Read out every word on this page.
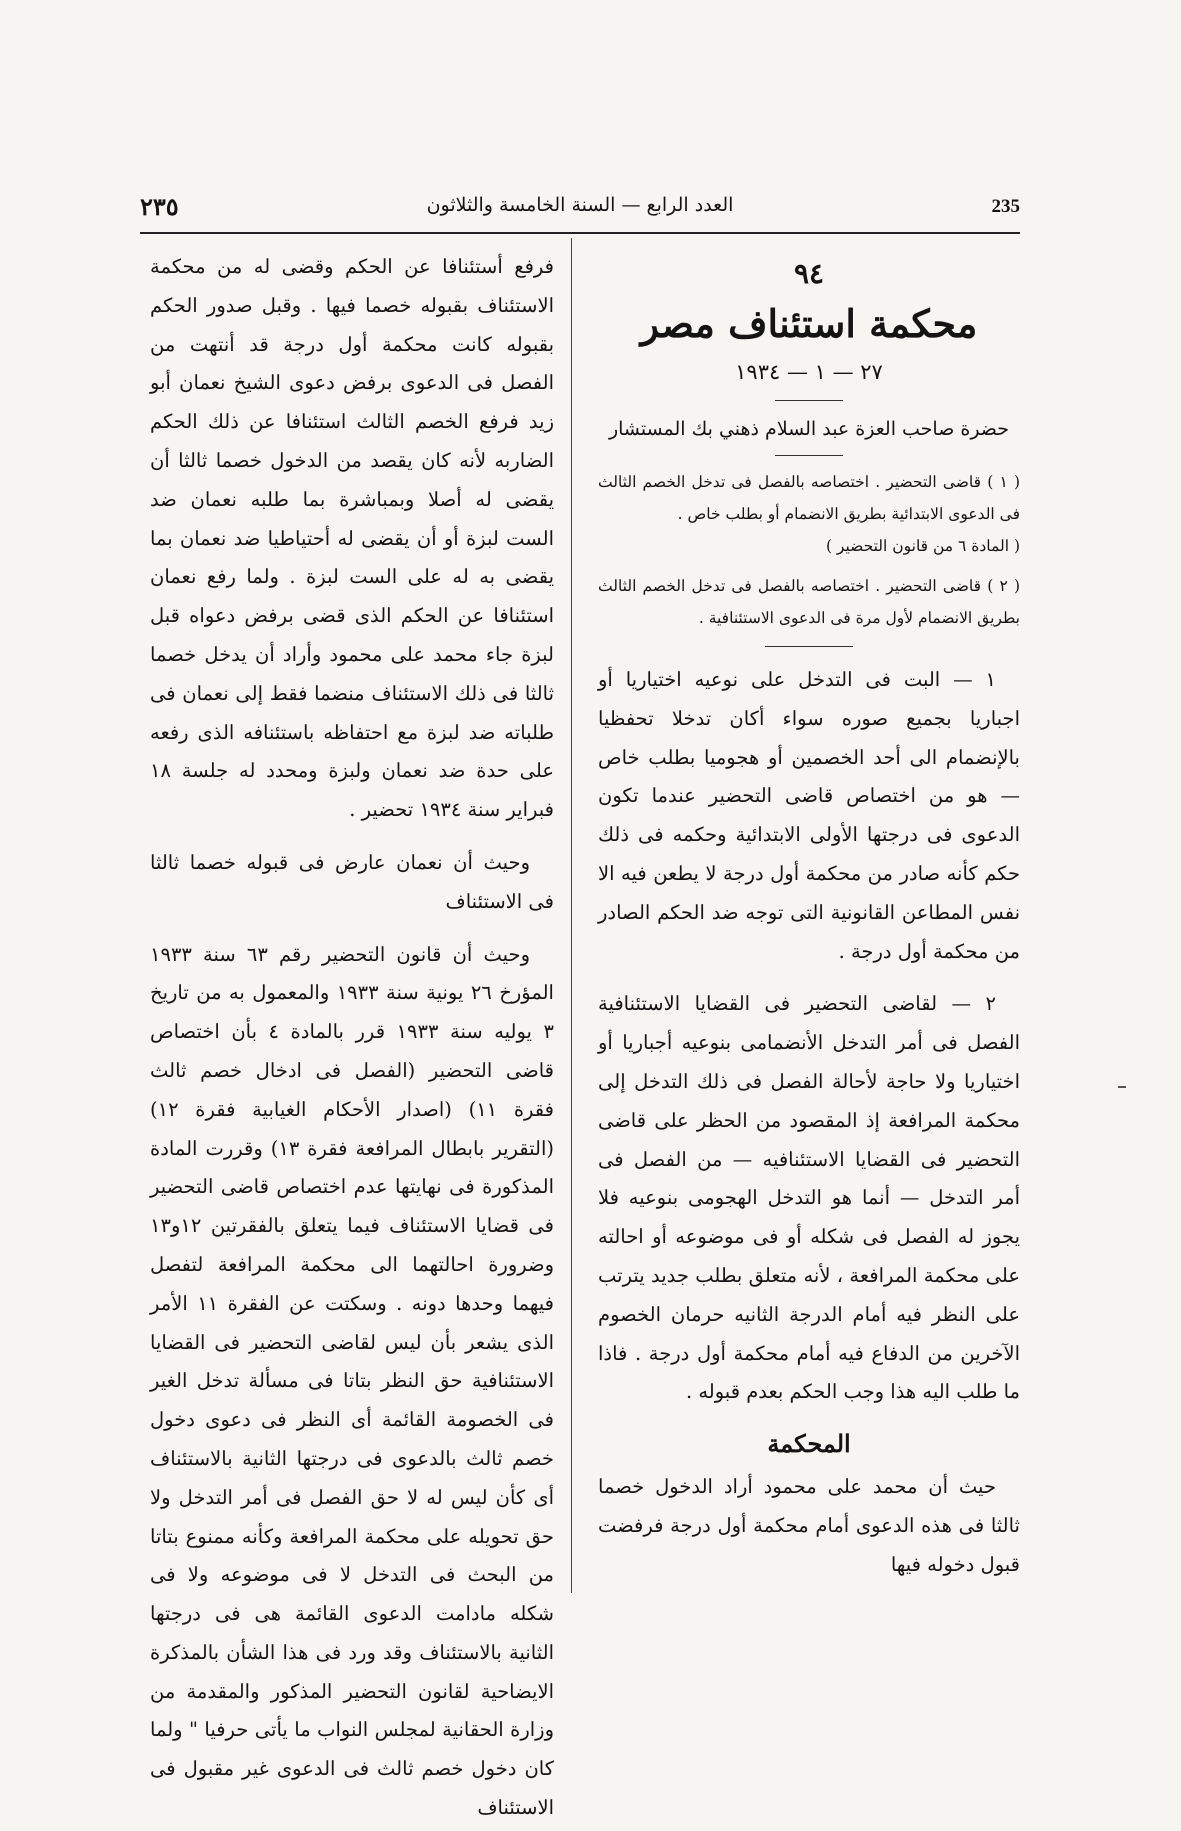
235
العدد الرابع — السنة الخامسة والثلاثون
٢٣٥
٩٤
محكمة استئناف مصر
٢٧ — ١ — ١٩٣٤
حضرة صاحب العزة عبد السلام ذهني بك المستشار

( ١ ) قاضى التحضير . اختصاصه بالفصل فى تدخل الخصم الثالث فى الدعوى الابتدائية بطريق الانضمام أو بطلب خاص .

( المادة ٦ من قانون التحضير )

( ٢ ) قاضى التحضير . اختصاصه بالفصل فى تدخل الخصم الثالث بطريق الانضمام لأول مرة فى الدعوى الاستئنافية .

١ — البت فى التدخل على نوعيه اختياريا أو اجباريا بجميع صوره سواء أكان تدخلا تحفظيا بالإنضمام الى أحد الخصمين أو هجوميا بطلب خاص — هو من اختصاص قاضى التحضير عندما تكون الدعوى فى درجتها الأولى الابتدائية وحكمه فى ذلك حكم كأنه صادر من محكمة أول درجة لا يطعن فيه الا نفس المطاعن القانونية التى توجه ضد الحكم الصادر من محكمة أول درجة .

٢ — لقاضى التحضير فى القضايا الاستئنافية الفصل فى أمر التدخل الأنضمامى بنوعيه أجباريا أو اختياريا ولا حاجة لأحالة الفصل فى ذلك التدخل إلى محكمة المرافعة إذ المقصود من الحظر على قاضى التحضير فى القضايا الاستئنافيه — من الفصل فى أمر التدخل — أنما هو التدخل الهجومى بنوعيه فلا يجوز له الفصل فى شكله أو فى موضوعه أو احالته على محكمة المرافعة ، لأنه متعلق بطلب جديد يترتب على النظر فيه أمام الدرجة الثانيه حرمان الخصوم الآخرين من الدفاع فيه أمام محكمة أول درجة . فاذا ما طلب اليه هذا وجب الحكم بعدم قبوله .

المحكمة

حيث أن محمد على محمود أراد الدخول خصما ثالثا فى هذه الدعوى أمام محكمة أول درجة فرفضت قبول دخوله فيها

فرفع أستئنافا عن الحكم وقضى له من محكمة الاستئناف بقبوله خصما فيها . وقبل صدور الحكم بقبوله كانت محكمة أول درجة قد أنتهت من الفصل فى الدعوى برفض دعوى الشيخ نعمان أبو زيد فرفع الخصم الثالث استئنافا عن ذلك الحكم الضاربه لأنه كان يقصد من الدخول خصما ثالثا أن يقضى له أصلا وبمباشرة بما طلبه نعمان ضد الست لبزة أو أن يقضى له أحتياطيا ضد نعمان بما يقضى به له على الست لبزة . ولما رفع نعمان استئنافا عن الحكم الذى قضى برفض دعواه قبل لبزة جاء محمد على محمود وأراد أن يدخل خصما ثالثا فى ذلك الاستئناف منضما فقط إلى نعمان فى طلباته ضد لبزة مع احتفاظه باستئنافه الذى رفعه على حدة ضد نعمان ولبزة ومحدد له جلسة ١٨ فبراير سنة ١٩٣٤ تحضير .

وحيث أن نعمان عارض فى قبوله خصما ثالثا فى الاستئناف

وحيث أن قانون التحضير رقم ٦٣ سنة ١٩٣٣ المؤرخ ٢٦ يونية سنة ١٩٣٣ والمعمول به من تاريخ ٣ يوليه سنة ١٩٣٣ قرر بالمادة ٤ بأن اختصاص قاضى التحضير (الفصل فى ادخال خصم ثالث فقرة ١١) (اصدار الأحكام الغيابية فقرة ١٢) (التقرير بابطال المرافعة فقرة ١٣) وقررت المادة المذكورة فى نهايتها عدم اختصاص قاضى التحضير فى قضايا الاستئناف فيما يتعلق بالفقرتين ١٢و١٣ وضرورة احالتهما الى محكمة المرافعة لتفصل فيهما وحدها دونه . وسكتت عن الفقرة ١١ الأمر الذى يشعر بأن ليس لقاضى التحضير فى القضايا الاستئنافية حق النظر بتاتا فى مسألة تدخل الغير فى الخصومة القائمة أى النظر فى دعوى دخول خصم ثالث بالدعوى فى درجتها الثانية بالاستئناف أى كأن ليس له لا حق الفصل فى أمر التدخل ولا حق تحويله على محكمة المرافعة وكأنه ممنوع بتاتا من البحث فى التدخل لا فى موضوعه ولا فى شكله مادامت الدعوى القائمة هى فى درجتها الثانية بالاستئناف وقد ورد فى هذا الشأن بالمذكرة الايضاحية لقانون التحضير المذكور والمقدمة من وزارة الحقانية لمجلس النواب ما يأتى حرفيا " ولما كان دخول خصم ثالث فى الدعوى غير مقبول فى الاستئناف
